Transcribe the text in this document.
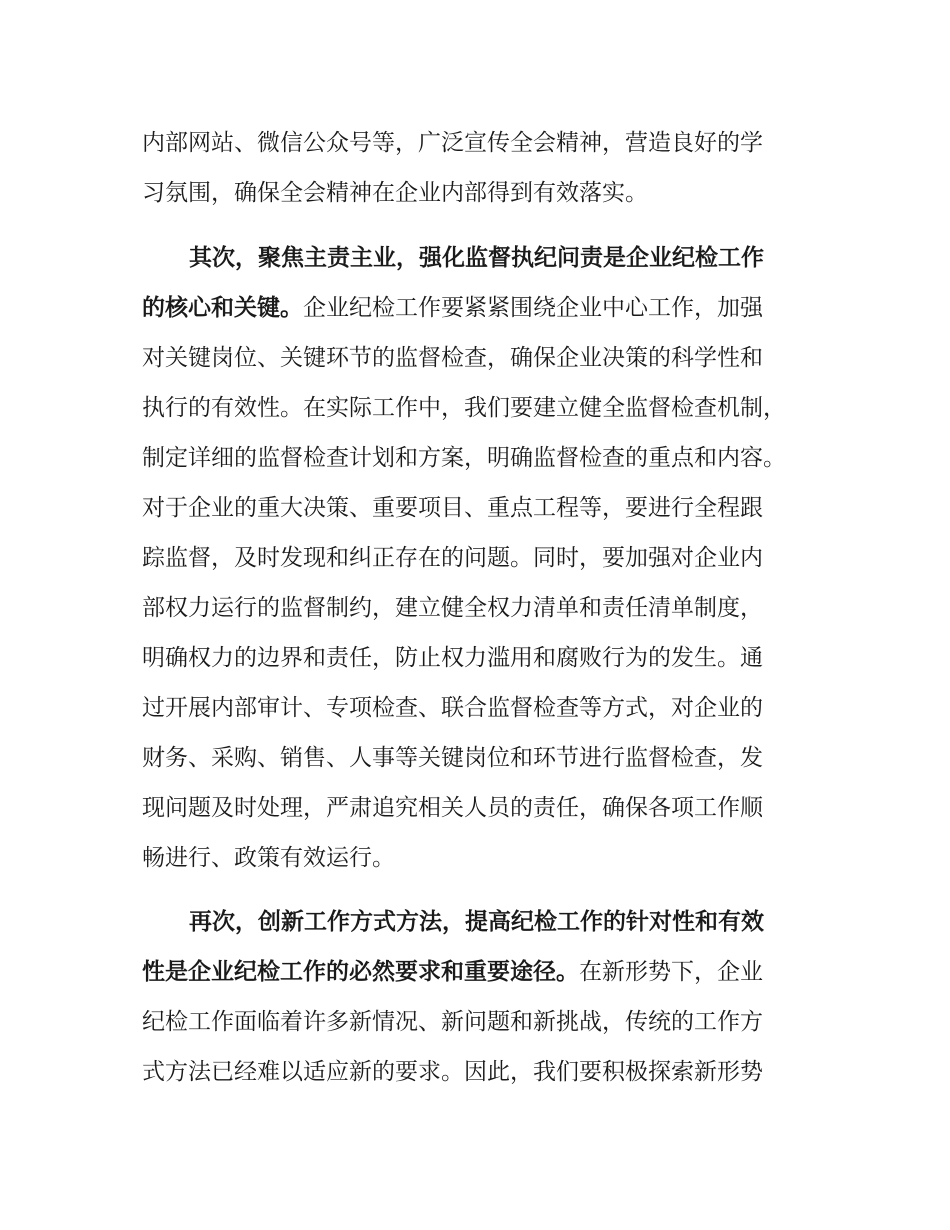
内部网站、微信公众号等，广泛宣传全会精神，营造良好的学
习氛围，确保全会精神在企业内部得到有效落实。
其次，聚焦主责主业，强化监督执纪问责是企业纪检工作
的核心和关键。企业纪检工作要紧紧围绕企业中心工作，加强
对关键岗位、关键环节的监督检查，确保企业决策的科学性和
执行的有效性。在实际工作中，我们要建立健全监督检查机制，
制定详细的监督检查计划和方案，明确监督检查的重点和内容。
对于企业的重大决策、重要项目、重点工程等，要进行全程跟
踪监督，及时发现和纠正存在的问题。同时，要加强对企业内
部权力运行的监督制约，建立健全权力清单和责任清单制度，
明确权力的边界和责任，防止权力滥用和腐败行为的发生。通
过开展内部审计、专项检查、联合监督检查等方式，对企业的
财务、采购、销售、人事等关键岗位和环节进行监督检查，发
现问题及时处理，严肃追究相关人员的责任，确保各项工作顺
畅进行、政策有效运行。
再次，创新工作方式方法，提高纪检工作的针对性和有效
性是企业纪检工作的必然要求和重要途径。在新形势下，企业
纪检工作面临着许多新情况、新问题和新挑战，传统的工作方
式方法已经难以适应新的要求。因此，我们要积极探索新形势
